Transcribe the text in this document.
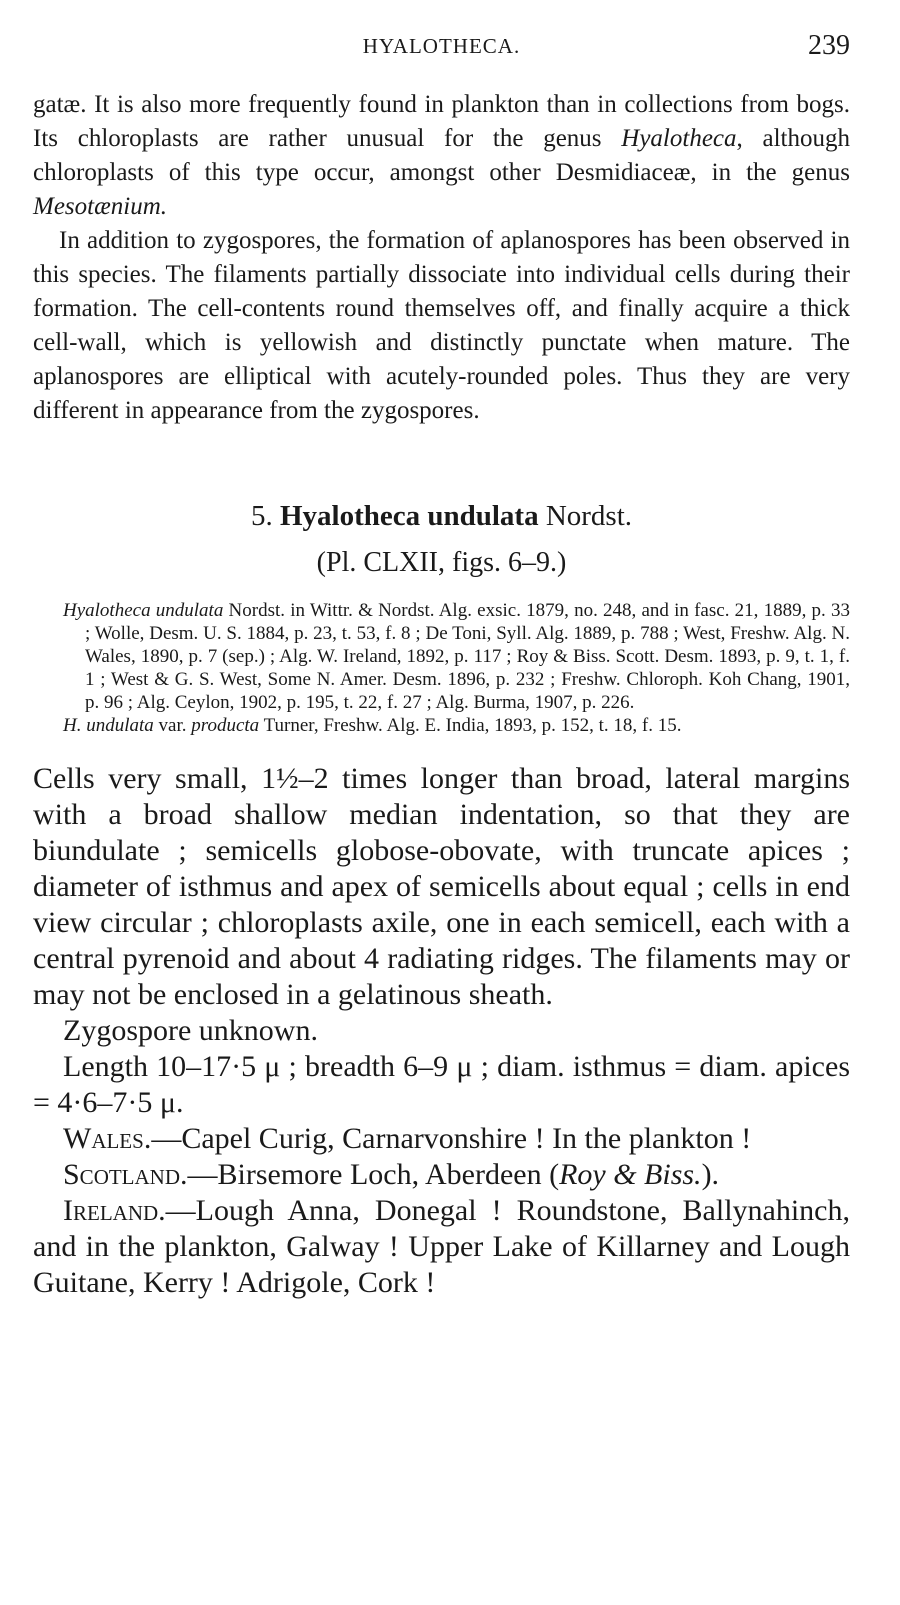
HYALOTHECA.	239

gatæ. It is also more frequently found in plankton than in collections from bogs. Its chloroplasts are rather unusual for the genus Hyalotheca, although chloroplasts of this type occur, amongst other Desmidiaceæ, in the genus Mesotænium.

In addition to zygospores, the formation of aplanospores has been observed in this species. The filaments partially dissociate into individual cells during their formation. The cell-contents round themselves off, and finally acquire a thick cell-wall, which is yellowish and distinctly punctate when mature. The aplanospores are elliptical with acutely-rounded poles. Thus they are very different in appearance from the zygospores.

5. Hyalotheca undulata Nordst.
(Pl. CLXII, figs. 6–9.)

Hyalotheca undulata Nordst. in Wittr. & Nordst. Alg. exsic. 1879, no. 248, and in fasc. 21, 1889, p. 33 ; Wolle, Desm. U. S. 1884, p. 23, t. 53, f. 8 ; De Toni, Syll. Alg. 1889, p. 788 ; West, Freshw. Alg. N. Wales, 1890, p. 7 (sep.) ; Alg. W. Ireland, 1892, p. 117 ; Roy & Biss. Scott. Desm. 1893, p. 9, t. 1, f. 1 ; West & G. S. West, Some N. Amer. Desm. 1896, p. 232 ; Freshw. Chloroph. Koh Chang, 1901, p. 96 ; Alg. Ceylon, 1902, p. 195, t. 22, f. 27 ; Alg. Burma, 1907, p. 226.

H. undulata var. producta Turner, Freshw. Alg. E. India, 1893, p. 152, t. 18, f. 15.

Cells very small, 1½–2 times longer than broad, lateral margins with a broad shallow median indentation, so that they are biundulate ; semicells globose-obovate, with truncate apices ; diameter of isthmus and apex of semicells about equal ; cells in end view circular ; chloroplasts axile, one in each semicell, each with a central pyrenoid and about 4 radiating ridges. The filaments may or may not be enclosed in a gelatinous sheath.

Zygospore unknown.

Length 10–17·5 μ ; breadth 6–9 μ ; diam. isthmus = diam. apices = 4·6–7·5 μ.

Wales.—Capel Curig, Carnarvonshire ! In the plankton !

Scotland.—Birsemore Loch, Aberdeen (Roy & Biss.).

Ireland.—Lough Anna, Donegal ! Roundstone, Ballynahinch, and in the plankton, Galway ! Upper Lake of Killarney and Lough Guitane, Kerry ! Adrigole, Cork !
